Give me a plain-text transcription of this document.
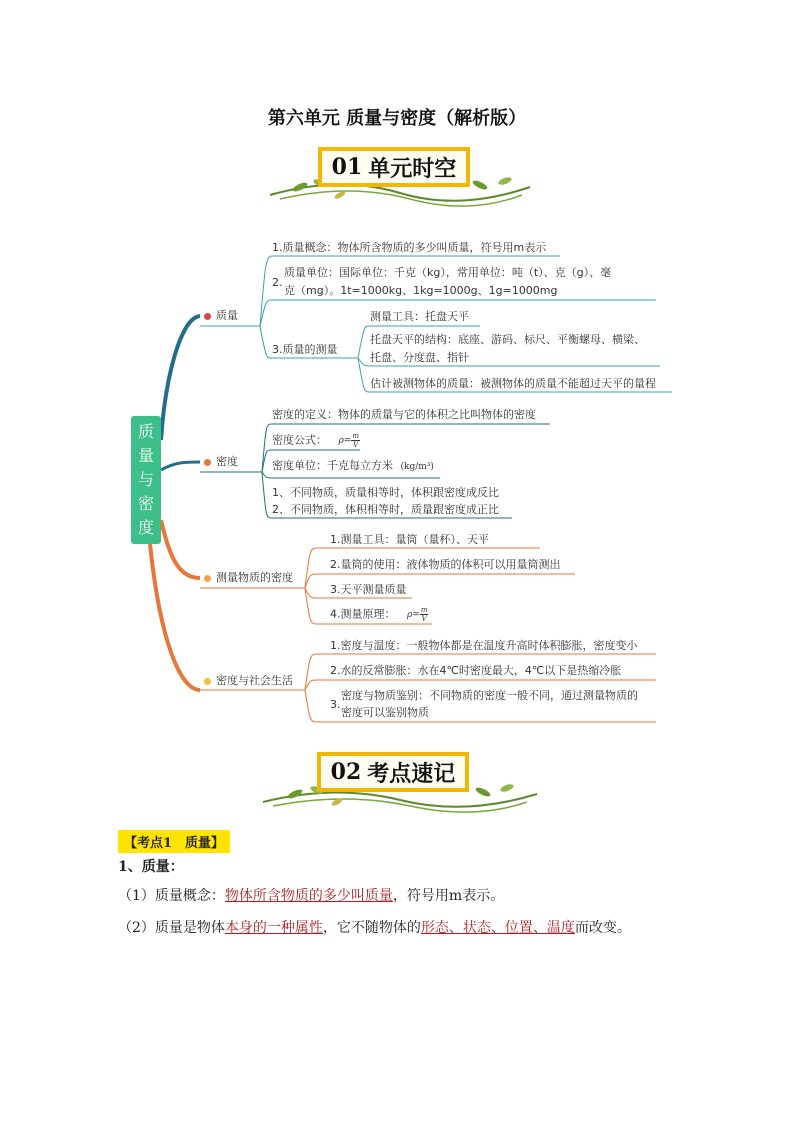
第六单元 质量与密度（解析版）
01 单元时空
质
量
与
密
度
质量
1.质量概念：物体所含物质的多少叫质量，符号用m表示
2.
质量单位：国际单位：千克（kg），常用单位：吨（t）、克（g）、毫
克（mg）。1t=1000kg、1kg=1000g、1g=1000mg
3.质量的测量
测量工具：托盘天平
托盘天平的结构：底座、游码、标尺、平衡螺母、横梁、
托盘、分度盘、指针
估计被测物体的质量：被测物体的质量不能超过天平的量程
密度
密度的定义：物体的质量与它的体积之比叫物体的密度
密度公式： $\rho= \frac{m}{V}$
密度单位：千克每立方米 (kg/m³)
1、不同物质，质量相等时，体积跟密度成反比
2、不同物质，体积相等时，质量跟密度成正比
测量物质的密度
1.测量工具：量筒（量杯）、天平
2.量筒的使用：液体物质的体积可以用量筒测出
3.天平测量质量
4.测量原理： $\rho= \frac{m}{V}$
密度与社会生活
1.密度与温度：一般物体都是在温度升高时体积膨胀，密度变小
2.水的反常膨胀：水在4℃时密度最大，4℃以下是热缩冷胀
3.
密度与物质鉴别：不同物质的密度一般不同，通过测量物质的
密度可以鉴别物质
02 考点速记
【考点1　质量】
1、质量：
（1）质量概念：物体所含物质的多少叫质量，符号用m表示。
（2）质量是物体本身的一种属性，它不随物体的形态、状态、位置、温度而改变。
